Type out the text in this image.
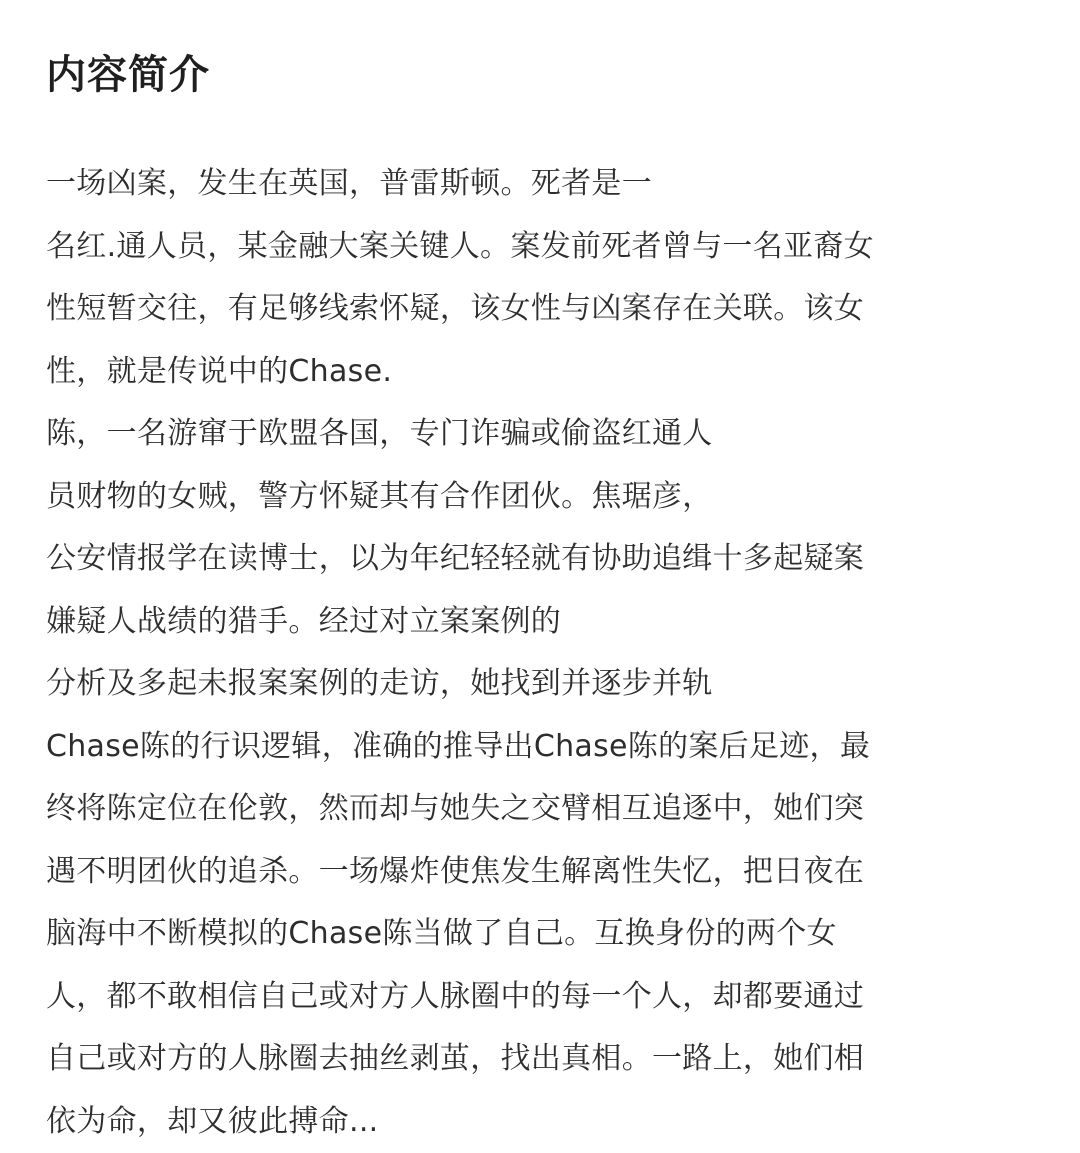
内容简介
一场凶案，发生在英国，普雷斯顿。死者是一
名红.通人员，某金融大案关键人。案发前死者曾与一名亚裔女
性短暂交往，有足够线索怀疑，该女性与凶案存在关联。该女
性，就是传说中的Chase.
陈，一名游窜于欧盟各国，专门诈骗或偷盗红通人
员财物的女贼，警方怀疑其有合作团伙。焦琚彦，
公安情报学在读博士，以为年纪轻轻就有协助追缉十多起疑案
嫌疑人战绩的猎手。经过对立案案例的
分析及多起未报案案例的走访，她找到并逐步并轨
Chase陈的行识逻辑，准确的推导出Chase陈的案后足迹，最
终将陈定位在伦敦，然而却与她失之交臂相互追逐中，她们突
遇不明团伙的追杀。一场爆炸使焦发生解离性失忆，把日夜在
脑海中不断模拟的Chase陈当做了自己。互换身份的两个女
人，都不敢相信自己或对方人脉圈中的每一个人，却都要通过
自己或对方的人脉圈去抽丝剥茧，找出真相。一路上，她们相
依为命，却又彼此搏命...
